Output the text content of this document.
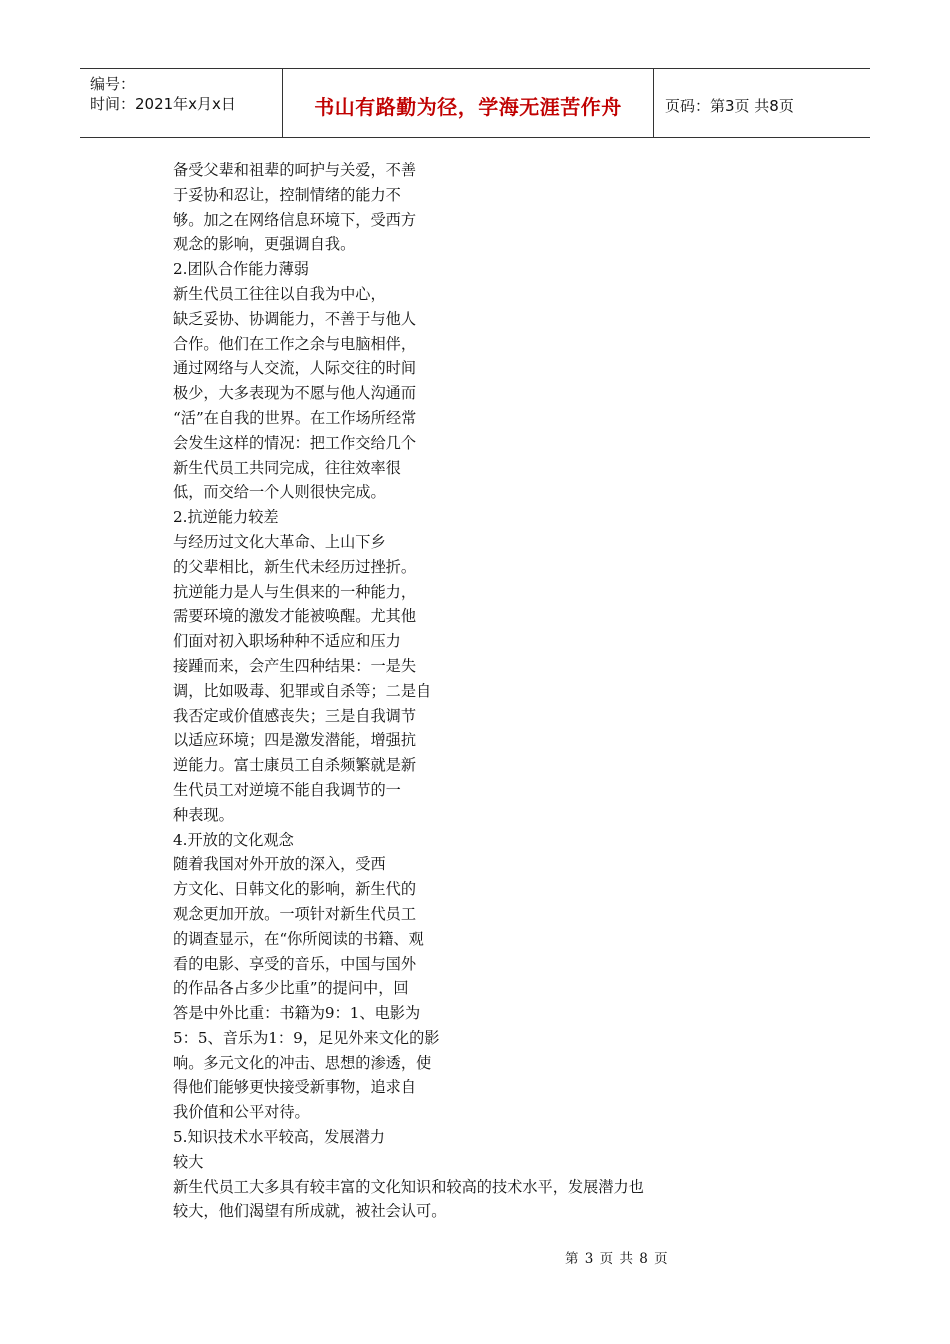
编号：
时间：2021年x月x日	书山有路勤为径，学海无涯苦作舟	页码：第3页 共8页
备受父辈和祖辈的呵护与关爱，不善
于妥协和忍让，控制情绪的能力不
够。加之在网络信息环境下，受西方
观念的影响，更强调自我。
2.团队合作能力薄弱
新生代员工往往以自我为中心，
缺乏妥协、协调能力，不善于与他人
合作。他们在工作之余与电脑相伴，
通过网络与人交流，人际交往的时间
极少，大多表现为不愿与他人沟通而
“活”在自我的世界。在工作场所经常
会发生这样的情况：把工作交给几个
新生代员工共同完成，往往效率很
低，而交给一个人则很快完成。
2.抗逆能力较差
与经历过文化大革命、上山下乡
的父辈相比，新生代未经历过挫折。
抗逆能力是人与生俱来的一种能力，
需要环境的激发才能被唤醒。尤其他
们面对初入职场种种不适应和压力
接踵而来，会产生四种结果：一是失
调，比如吸毒、犯罪或自杀等；二是自
我否定或价值感丧失；三是自我调节
以适应环境；四是激发潜能，增强抗
逆能力。富士康员工自杀频繁就是新
生代员工对逆境不能自我调节的一
种表现。
4.开放的文化观念
随着我国对外开放的深入，受西
方文化、日韩文化的影响，新生代的
观念更加开放。一项针对新生代员工
的调查显示，在“你所阅读的书籍、观
看的电影、享受的音乐，中国与国外
的作品各占多少比重”的提问中，回
答是中外比重：书籍为9：1、电影为
5：5、音乐为1：9，足见外来文化的影
响。多元文化的冲击、思想的渗透，使
得他们能够更快接受新事物，追求自
我价值和公平对待。
5.知识技术水平较高，发展潜力
较大
新生代员工大多具有较丰富的文化知识和较高的技术水平，发展潜力也
较大，他们渴望有所成就，被社会认可。
第 3 页 共 8 页
